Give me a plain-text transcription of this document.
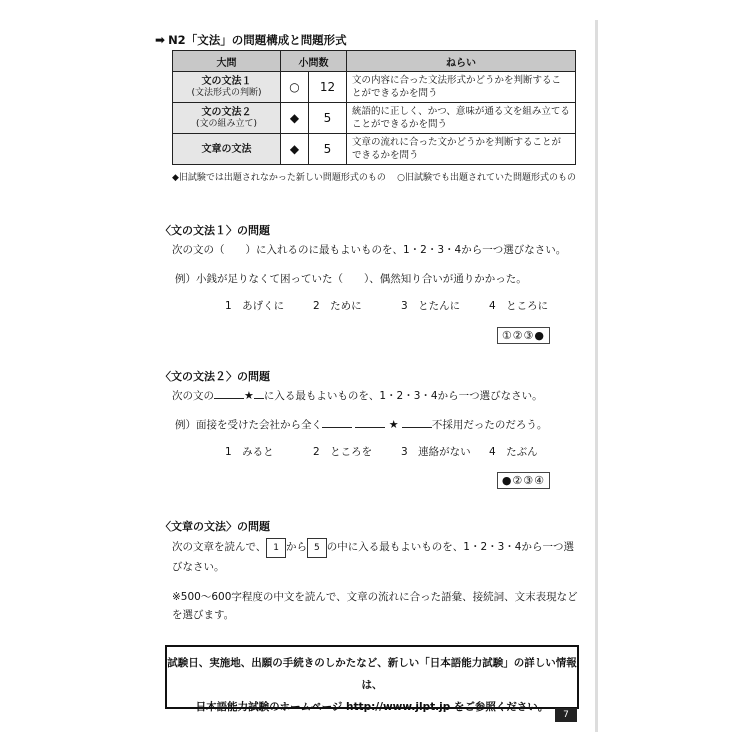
➡ N2「文法」の問題構成と問題形式
大問	小問数		ねらい
文の文法１
(文法形式の判断)	○	12	文の内容に合った文法形式かどうかを判断することができるかを問う
文の文法２
(文の組み立て)	◆	5	統語的に正しく、かつ、意味が通る文を組み立てることができるかを問う
文章の文法	◆	5	文章の流れに合った文かどうかを判断することができるかを問う
◆旧試験では出題されなかった新しい問題形式のもの ○旧試験でも出題されていた問題形式のもの
〈文の文法１〉の問題
次の文の（　　）に入れるのに最もよいものを、1・2・3・4から一つ選びなさい。
例）小銭が足りなくて困っていた（　　）、偶然知り合いが通りかかった。
1　あげくに	2　ために	3　とたんに	4　ところに
①②③●
〈文の文法２〉の問題
次の文の	★ に入る最もよいものを、1・2・3・4から一つ選びなさい。
例）面接を受けた会社から全く	★	不採用だったのだろう。
1　みると	2　ところを	3　連絡がない	4　たぶん
●②③④
〈文章の文法〉の問題
次の文章を読んで、 1 から 5 の中に入る最もよいものを、1・2・3・4から一つ選びなさい。
※500～600字程度の中文を読んで、文章の流れに合った語彙、接続詞、文末表現などを選びます。
試験日、実施地、出願の手続きのしかたなど、新しい「日本語能力試験」の詳しい情報は、
日本語能力試験のホームページ http://www.jlpt.jp をご参照ください。
7
